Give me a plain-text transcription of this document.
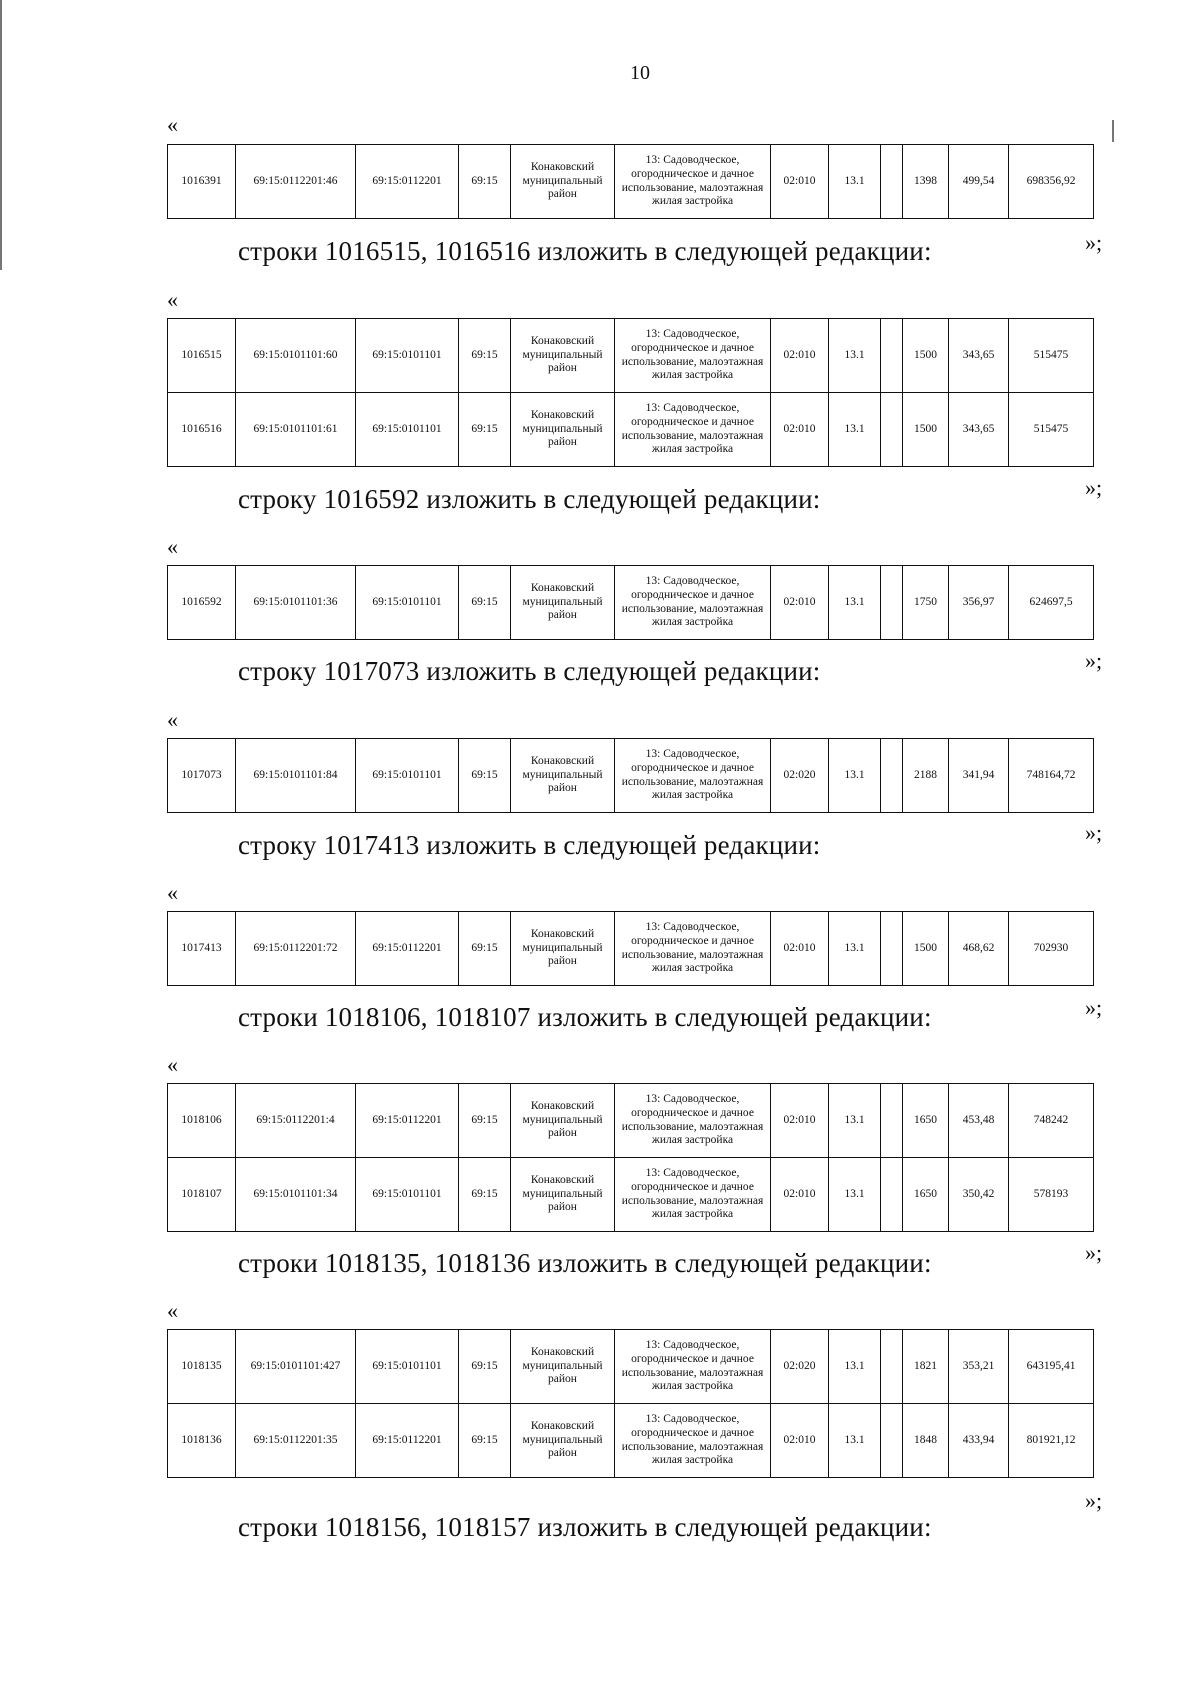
10
«
1016391	69:15:0112201:46	69:15:0112201	69:15	Конаковский муниципальный район	13: Садоводческое, огородническое и дачное использование, малоэтажная жилая застройка	02:010	13.1		1398	499,54	698356,92
»;
строки 1016515, 1016516 изложить в следующей редакции:
«
1016515	69:15:0101101:60	69:15:0101101	69:15	Конаковский муниципальный район	13: Садоводческое, огородническое и дачное использование, малоэтажная жилая застройка	02:010	13.1		1500	343,65	515475
1016516	69:15:0101101:61	69:15:0101101	69:15	Конаковский муниципальный район	13: Садоводческое, огородническое и дачное использование, малоэтажная жилая застройка	02:010	13.1		1500	343,65	515475
»;
строку 1016592 изложить в следующей редакции:
«
1016592	69:15:0101101:36	69:15:0101101	69:15	Конаковский муниципальный район	13: Садоводческое, огородническое и дачное использование, малоэтажная жилая застройка	02:010	13.1		1750	356,97	624697,5
»;
строку 1017073 изложить в следующей редакции:
«
1017073	69:15:0101101:84	69:15:0101101	69:15	Конаковский муниципальный район	13: Садоводческое, огородническое и дачное использование, малоэтажная жилая застройка	02:020	13.1		2188	341,94	748164,72
»;
строку 1017413 изложить в следующей редакции:
«
1017413	69:15:0112201:72	69:15:0112201	69:15	Конаковский муниципальный район	13: Садоводческое, огородническое и дачное использование, малоэтажная жилая застройка	02:010	13.1		1500	468,62	702930
»;
строки 1018106, 1018107 изложить в следующей редакции:
«
1018106	69:15:0112201:4	69:15:0112201	69:15	Конаковский муниципальный район	13: Садоводческое, огородническое и дачное использование, малоэтажная жилая застройка	02:010	13.1		1650	453,48	748242
1018107	69:15:0101101:34	69:15:0101101	69:15	Конаковский муниципальный район	13: Садоводческое, огородническое и дачное использование, малоэтажная жилая застройка	02:010	13.1		1650	350,42	578193
»;
строки 1018135, 1018136 изложить в следующей редакции:
«
1018135	69:15:0101101:427	69:15:0101101	69:15	Конаковский муниципальный район	13: Садоводческое, огородническое и дачное использование, малоэтажная жилая застройка	02:020	13.1		1821	353,21	643195,41
1018136	69:15:0112201:35	69:15:0112201	69:15	Конаковский муниципальный район	13: Садоводческое, огородническое и дачное использование, малоэтажная жилая застройка	02:010	13.1		1848	433,94	801921,12
»;
строки 1018156, 1018157 изложить в следующей редакции:
